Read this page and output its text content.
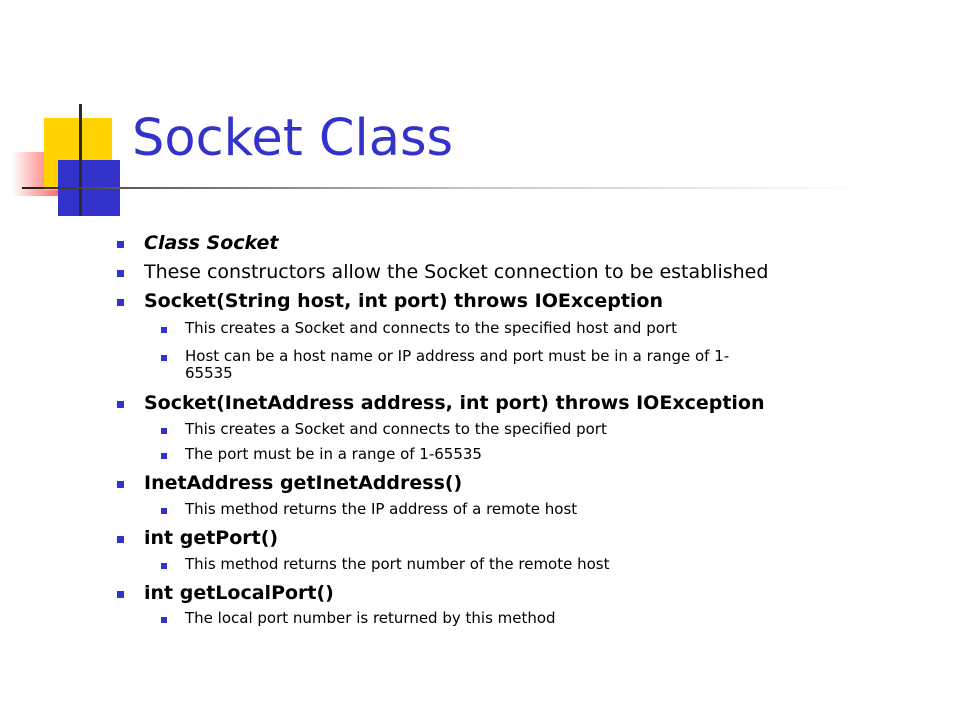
Socket Class
Class Socket
These constructors allow the Socket connection to be established
Socket(String host, int port) throws IOException
This creates a Socket and connects to the specified host and port
Host can be a host name or IP address and port must be in a range of 1-
65535
Socket(InetAddress address, int port) throws IOException
This creates a Socket and connects to the specified port
The port must be in a range of 1-65535
InetAddress getInetAddress()
This method returns the IP address of a remote host
int getPort()
This method returns the port number of the remote host
int getLocalPort()
The local port number is returned by this method
